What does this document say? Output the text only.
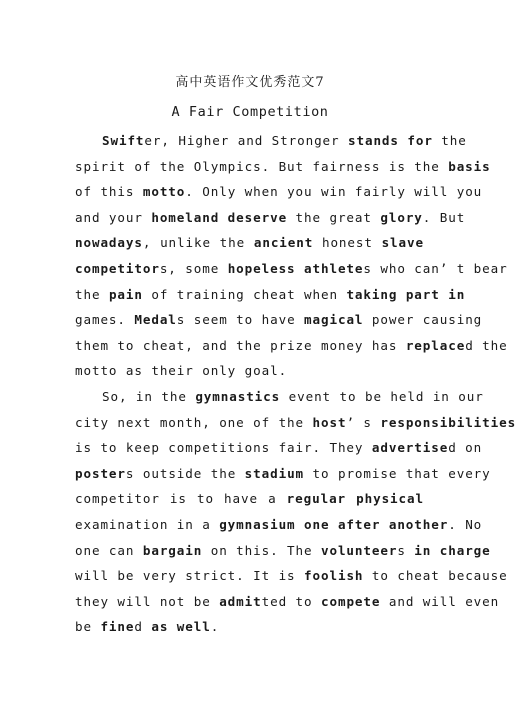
高中英语作文优秀范文7
A Fair Competition
Swifter, Higher and Stronger stands for the
spirit of the Olympics. But fairness is the basis
of this motto. Only when you win fairly will you
and your homeland deserve the great glory. But
nowadays, unlike the ancient honest slave
competitors, some hopeless athletes who can’ t bear
the pain of training cheat when taking part in
games. Medals seem to have magical power causing
them to cheat, and the prize money has replaced the
motto as their only goal.
So, in the gymnastics event to be held in our
city next month, one of the host’ s responsibilities
is to keep competitions fair. They advertised on
posters outside the stadium to promise that every
competitor is to have a regular physical
examination in a gymnasium one after another. No
one can bargain on this. The volunteers in charge
will be very strict. It is foolish to cheat because
they will not be admitted to compete and will even
be fined as well.
